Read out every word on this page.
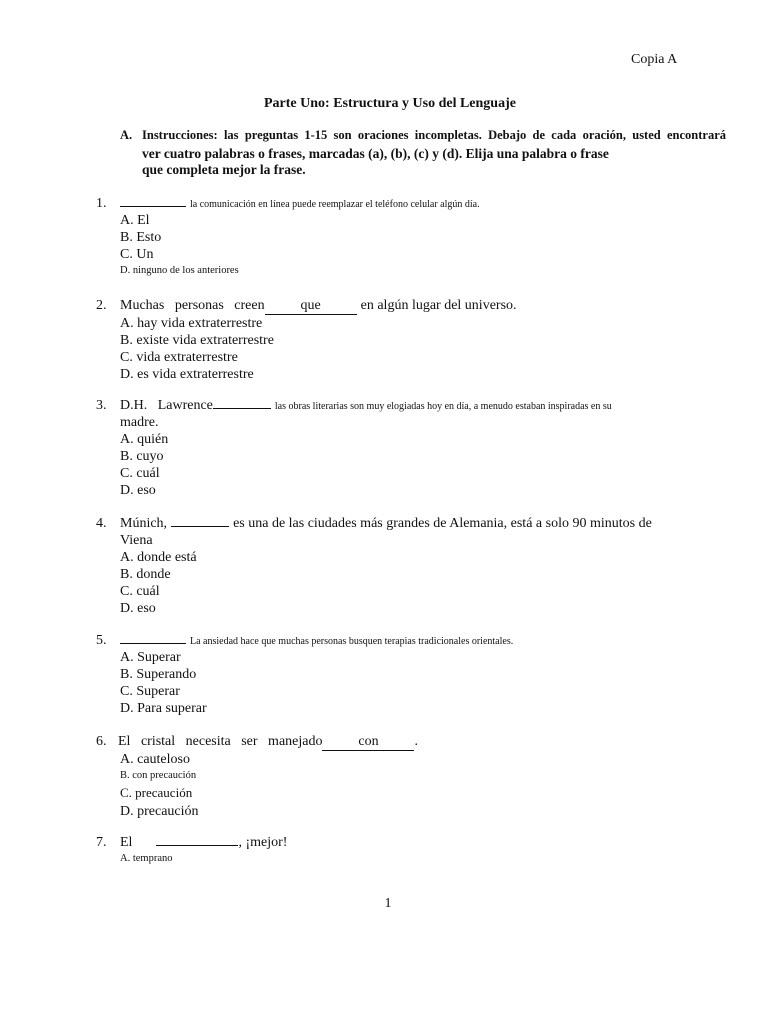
Copia A
Parte Uno: Estructura y Uso del Lenguaje
A. Instrucciones: las preguntas 1-15 son oraciones incompletas. Debajo de cada oración, usted encontrará
ver cuatro palabras o frases, marcadas (a), (b), (c) y (d). Elija una palabra o frase
que completa mejor la frase.
1.	la comunicación en línea puede reemplazar el teléfono celular algún día.
A. El
B. Esto
C. Un
D. ninguno de los anteriores
2. Muchas   personas   creen	que	en algún lugar del universo.
A. hay vida extraterrestre
B. existe vida extraterrestre
C. vida extraterrestre
D. es vida extraterrestre
3. D.H.   Lawrence	las obras literarias son muy elogiadas hoy en día, a menudo estaban inspiradas en su
madre.
A. quién
B. cuyo
C. cuál
D. eso
4. Múnich,	es una de las ciudades más grandes de Alemania, está a solo 90 minutos de
Viena
A. donde está
B. donde
C. cuál
D. eso
5.	La ansiedad hace que muchas personas busquen terapias tradicionales orientales.
A. Superar
B. Superando
C. Superar
D. Para superar
6. El   cristal   necesita   ser   manejado	con	.
A. cauteloso
B. con precaución
C. precaución
D. precaución
7. El	, ¡mejor!
A. temprano
1
